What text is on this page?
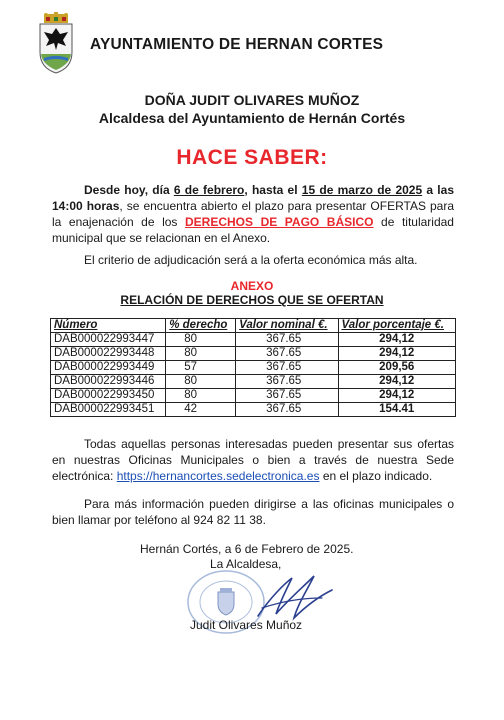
AYUNTAMIENTO DE HERNAN CORTES
DOÑA JUDIT OLIVARES MUÑOZ
Alcaldesa del Ayuntamiento de Hernán Cortés
HACE SABER:
Desde hoy, día 6 de febrero, hasta el 15 de marzo de 2025 a las 14:00 horas, se encuentra abierto el plazo para presentar OFERTAS para la enajenación de los DERECHOS DE PAGO BÁSICO de titularidad municipal que se relacionan en el Anexo.
El criterio de adjudicación será a la oferta económica más alta.
ANEXO
RELACIÓN DE DERECHOS QUE SE OFERTAN
Número	% derecho	Valor nominal €.	Valor porcentaje €.
DAB000022993447	80	367.65	294,12
DAB000022993448	80	367.65	294,12
DAB000022993449	57	367.65	209,56
DAB000022993446	80	367.65	294,12
DAB000022993450	80	367.65	294,12
DAB000022993451	42	367.65	154.41
Todas aquellas personas interesadas pueden presentar sus ofertas en nuestras Oficinas Municipales o bien a través de nuestra Sede electrónica: https://hernancortes.sedelectronica.es en el plazo indicado.
Para más información pueden dirigirse a las oficinas municipales o bien llamar por teléfono al 924 82 11 38.
Hernán Cortés, a 6 de Febrero de 2025.
La Alcaldesa,
Judit Olivares Muñoz
